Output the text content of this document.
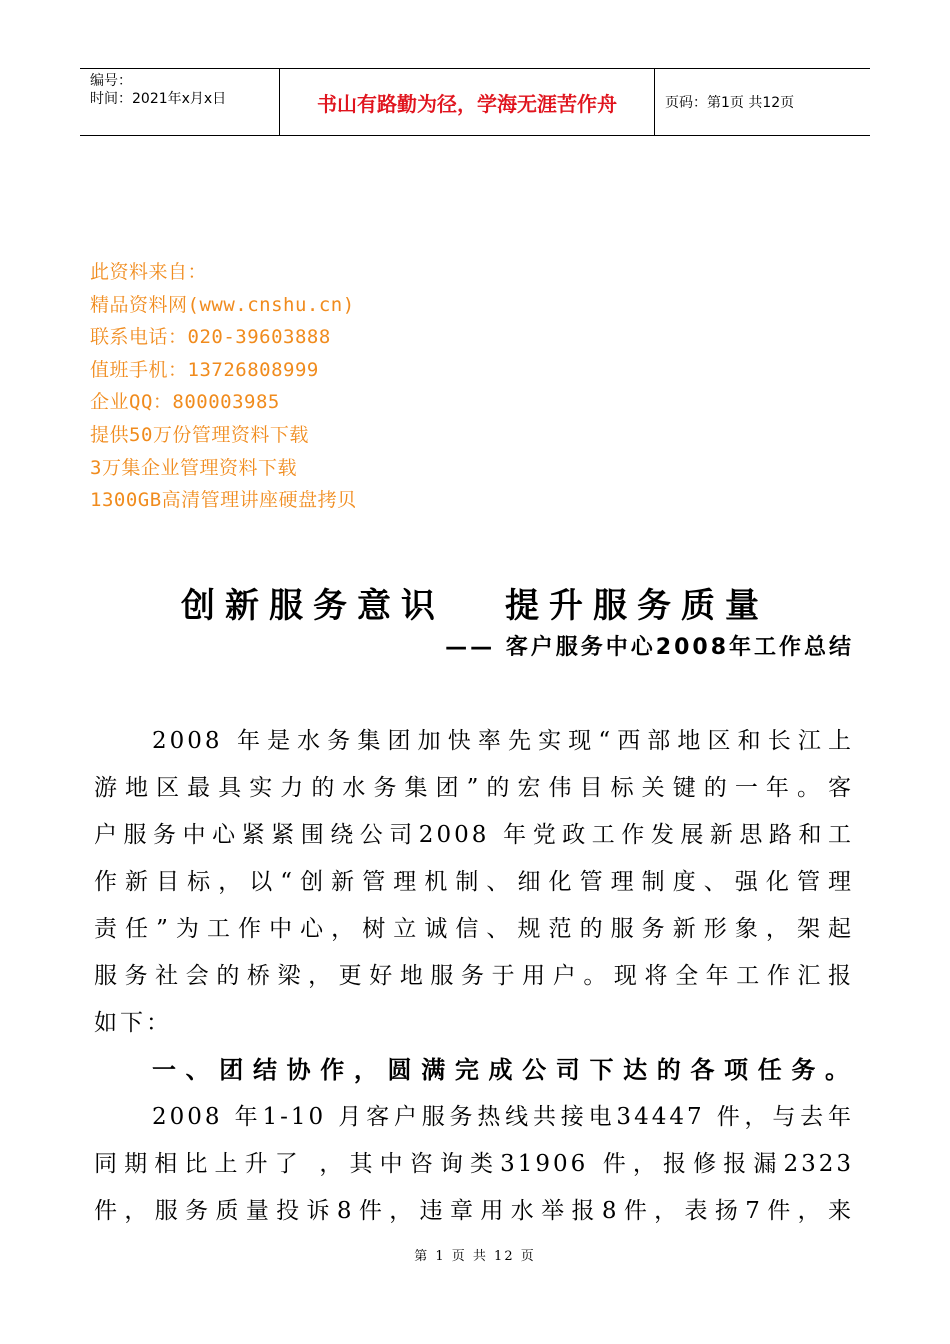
编号：
时间：2021年x月x日	书山有路勤为径，学海无涯苦作舟	页码：第1页 共12页
此资料来自：
精品资料网(www.cnshu.cn)
联系电话：020-39603888
值班手机：13726808999
企业QQ：800003985
提供50万份管理资料下载
3万集企业管理资料下载
1300GB高清管理讲座硬盘拷贝
创新服务意识 提升服务质量
—— 客户服务中心2008年工作总结
2008 年是水务集团加快率先实现“西部地区和长江上
游地区最具实力的水务集团”的宏伟目标关键的一年。客
户服务中心紧紧围绕公司2008 年党政工作发展新思路和工
作新目标，以“创新管理机制、细化管理制度、强化管理
责任”为工作中心，树立诚信、规范的服务新形象，架起
服务社会的桥梁，更好地服务于用户。现将全年工作汇报
如下：
一、团结协作，圆满完成公司下达的各项任务。
2008 年1-10 月客户服务热线共接电34447 件，与去年
同期相比上升了 ，其中咨询类31906 件，报修报漏2323
件，服务质量投诉8件，违章用水举报8件，表扬7件，来
第 1 页 共 12 页
